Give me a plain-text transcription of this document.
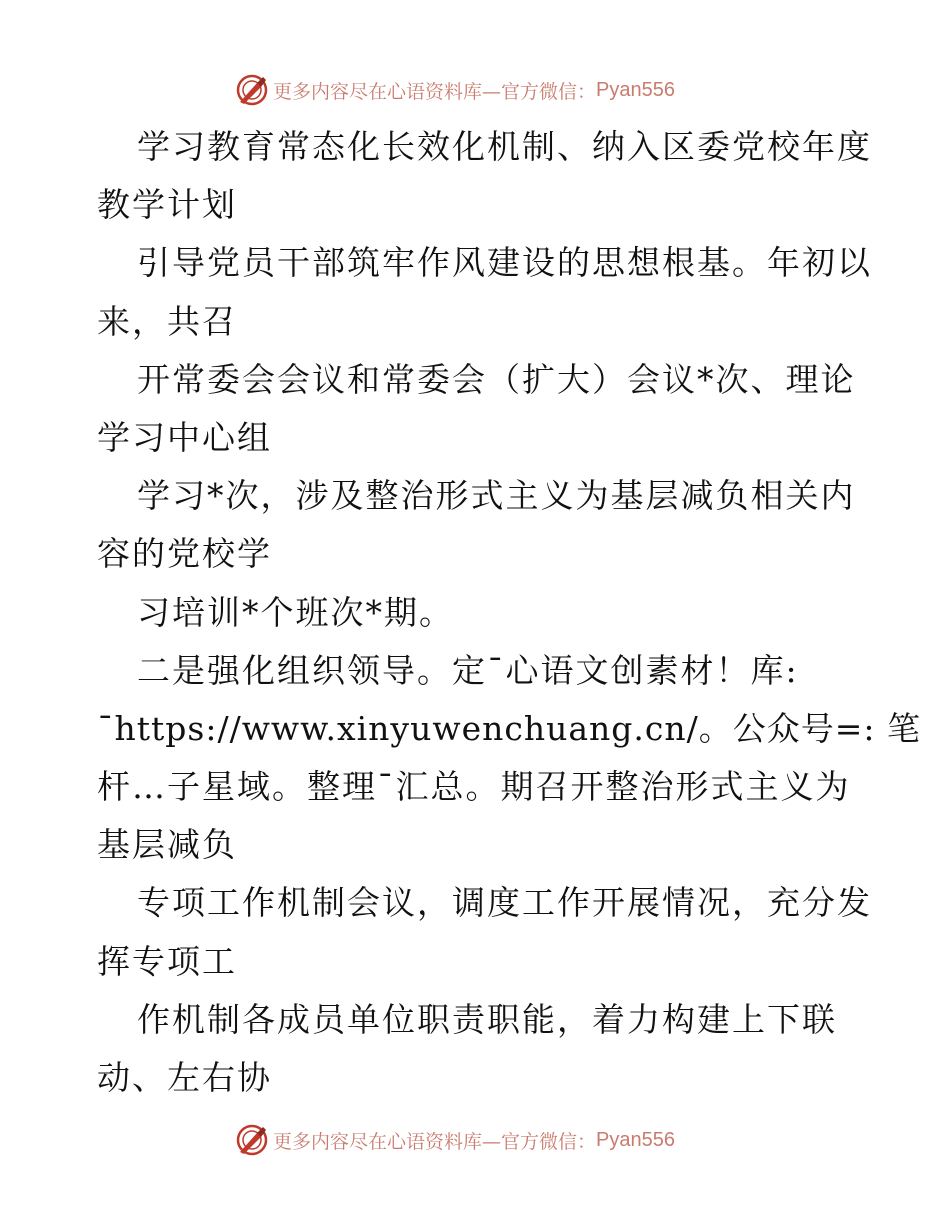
更多内容尽在心语资料库—官方微信： Pyan556
学习教育常态化长效化机制、纳入区委党校年度
教学计划
引导党员干部筑牢作风建设的思想根基。年初以
来，共召
开常委会会议和常委会（扩大）会议*次、理论
学习中心组
学习*次，涉及整治形式主义为基层减负相关内
容的党校学
习培训*个班次*期。
二是强化组织领导。定¯心语文创素材！库:
¯https://www.xinyuwenchuang.cn/。公众号=: 笔
杆…子星域。整理¯汇总。期召开整治形式主义为
基层减负
专项工作机制会议，调度工作开展情况，充分发
挥专项工
作机制各成员单位职责职能，着力构建上下联
动、左右协
更多内容尽在心语资料库—官方微信： Pyan556
